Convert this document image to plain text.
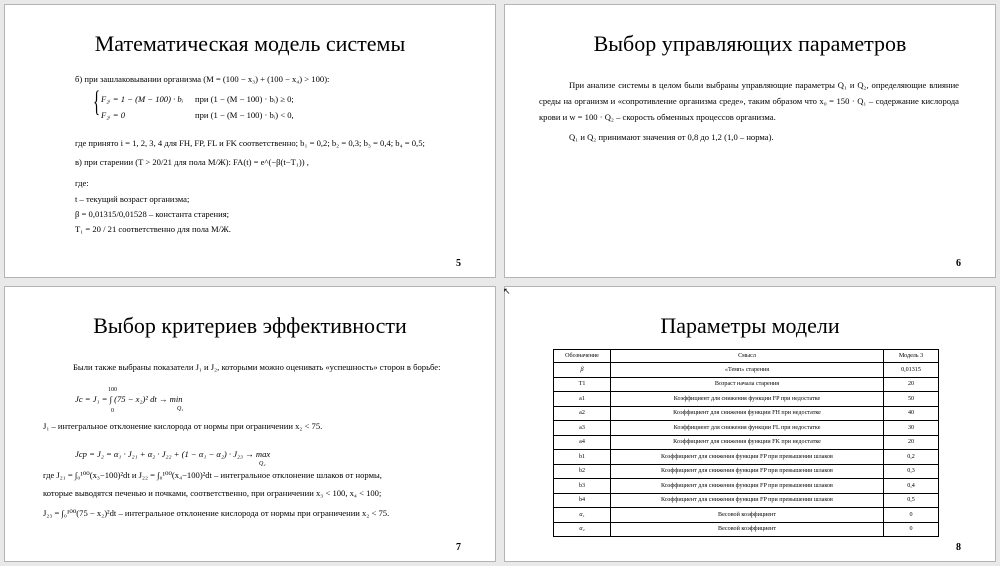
Математическая модель системы
б) при зашлаковывании организма (M = (100 − x₃) + (100 − x₄) > 100):
{ F₂ᵢ = 1 − (M − 100) · bᵢ при (1 − (M − 100) · bᵢ) ≥ 0;
F₂ᵢ = 0	при (1 − (M − 100) · bᵢ) < 0,
где принято i = 1, 2, 3, 4 для FH, FP, FL и FK соответственно; b₁ = 0,2; b₂ = 0,3; b₃ = 0,4; b₄ = 0,5;
в) при старении (T > 20/21 для пола М/Ж): FA(t) = e^(−β(t−T₁)) ,
где:
t – текущий возраст организма;
β = 0,01315/0,01528 – константа старения;
T₁ = 20 / 21 соответственно для пола М/Ж.
5
Выбор управляющих параметров
При анализе системы в целом были выбраны управляющие параметры Q₁ и Q₂, определяющие влияние среды на организм и «сопротивление организма среде», таким образом что x₀ = 150 · Q₁ – содержание кислорода крови и w = 100 · Q₂ – скорость обменных процессов организма.
Q₁ и Q₂ принимают значения от 0,8 до 1,2 (1,0 – норма).
6
Выбор критериев эффективности
Были также выбраны показатели J₁ и J₂, которыми можно оценивать «успешность» сторон в борьбе:
100
Jc = J₁ = ∫ (75 − x₂)² dt → min
0	Q₁
J₁ – интегральное отклонение кислорода от нормы при ограничении x₂ < 75.
Jcp = J₂ = α₁ · J₂₁ + α₂ · J₂₂ + (1 − α₁ − α₂) · J₂₃ → max
Q₂
где J₂₁ = ∫₀¹⁰⁰(x₃−100)²dt и J₂₂ = ∫₀¹⁰⁰(x₄−100)²dt – интегральное отклонение шлаков от нормы,
которые выводятся печенью и почками, соответственно, при ограничении x₃ < 100, x₄ < 100;
J₂₃ = ∫₀¹⁰⁰(75 − x₂)²dt – интегральное отклонение кислорода от нормы при ограничении x₂ < 75.
7
Параметры модели
Обозначение	Смысл	Модель 3
β	«Темп» старения	0,01315
T1	Возраст начала старения	20
a1	Коэффициент для снижения функции FP при недостатке	50
a2	Коэффициент для снижения функции FH при недостатке	40
a3	Коэффициент для снижения функции FL при недостатке	30
a4	Коэффициент для снижения функции FK при недостатке	20
b1	Коэффициент для снижения функции FP при превышении шлаков	0,2
b2	Коэффициент для снижения функции FP при превышении шлаков	0,3
b3	Коэффициент для снижения функции FP при превышении шлаков	0,4
b4	Коэффициент для снижения функции FP при превышении шлаков	0,5
α₁	Весовой коэффициент	0
α₂	Весовой коэффициент	0
8
↖
